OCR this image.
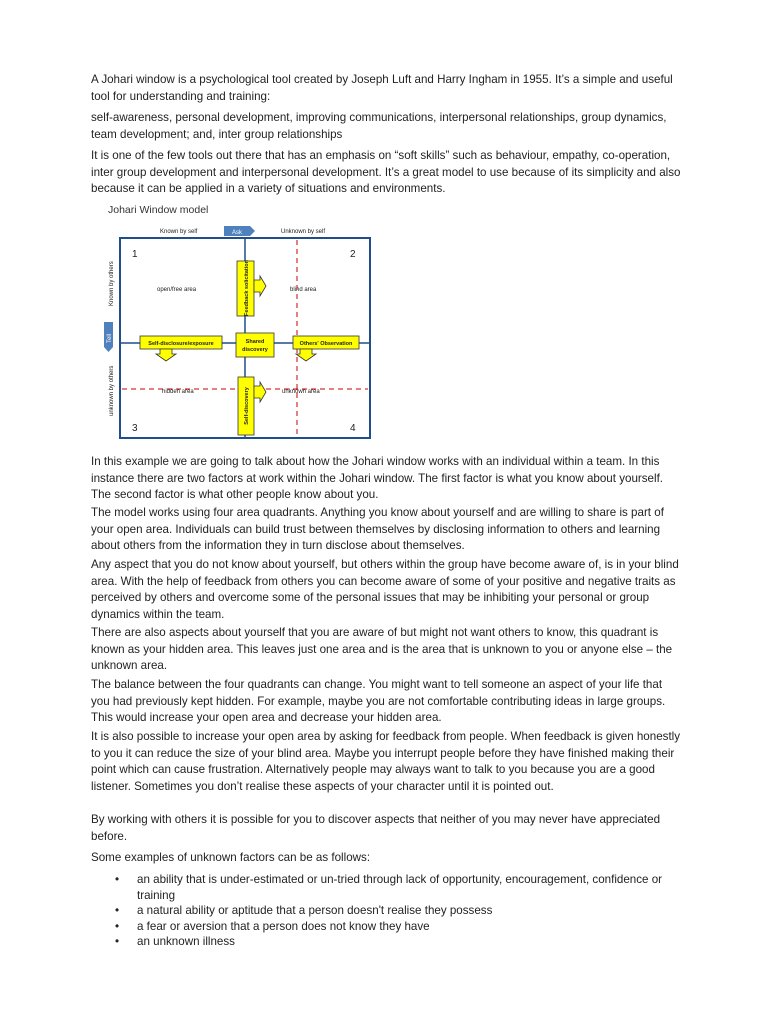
A Johari window is a psychological tool created by Joseph Luft and Harry Ingham in 1955. It’s a simple and useful tool for understanding and training:

self-awareness, personal development, improving communications, interpersonal relationships, group dynamics, team development; and, inter group relationships

It is one of the few tools out there that has an emphasis on “soft skills” such as behaviour, empathy, co-operation, inter group development and interpersonal development. It’s a great model to use because of its simplicity and also because it can be applied in a variety of situations and environments.

Johari Window model
Known by self	Ask	Unknown by self
Known by others
Tell
unknown by others
1	2
3	4
open/free area	blind area
hidden area	unknown area
Feedback solicitation
Self-disclosure/exposure	Shared
discovery
Others' Observation
Self-discovery

In this example we are going to talk about how the Johari window works with an individual within a team. In this instance there are two factors at work within the Johari window. The first factor is what you know about yourself. The second factor is what other people know about you.

The model works using four area quadrants. Anything you know about yourself and are willing to share is part of your open area. Individuals can build trust between themselves by disclosing information to others and learning about others from the information they in turn disclose about themselves.

Any aspect that you do not know about yourself, but others within the group have become aware of, is in your blind area. With the help of feedback from others you can become aware of some of your positive and negative traits as perceived by others and overcome some of the personal issues that may be inhibiting your personal or group dynamics within the team.

There are also aspects about yourself that you are aware of but might not want others to know, this quadrant is known as your hidden area. This leaves just one area and is the area that is unknown to you or anyone else – the unknown area.

The balance between the four quadrants can change. You might want to tell someone an aspect of your life that you had previously kept hidden. For example, maybe you are not comfortable contributing ideas in large groups. This would increase your open area and decrease your hidden area.

It is also possible to increase your open area by asking for feedback from people. When feedback is given honestly to you it can reduce the size of your blind area. Maybe you interrupt people before they have finished making their point which can cause frustration. Alternatively people may always want to talk to you because you are a good listener. Sometimes you don’t realise these aspects of your character until it is pointed out.

By working with others it is possible for you to discover aspects that neither of you may never have appreciated before.

Some examples of unknown factors can be as follows:

• an ability that is under-estimated or un-tried through lack of opportunity, encouragement, confidence or training
• a natural ability or aptitude that a person doesn't realise they possess
• a fear or aversion that a person does not know they have
• an unknown illness
